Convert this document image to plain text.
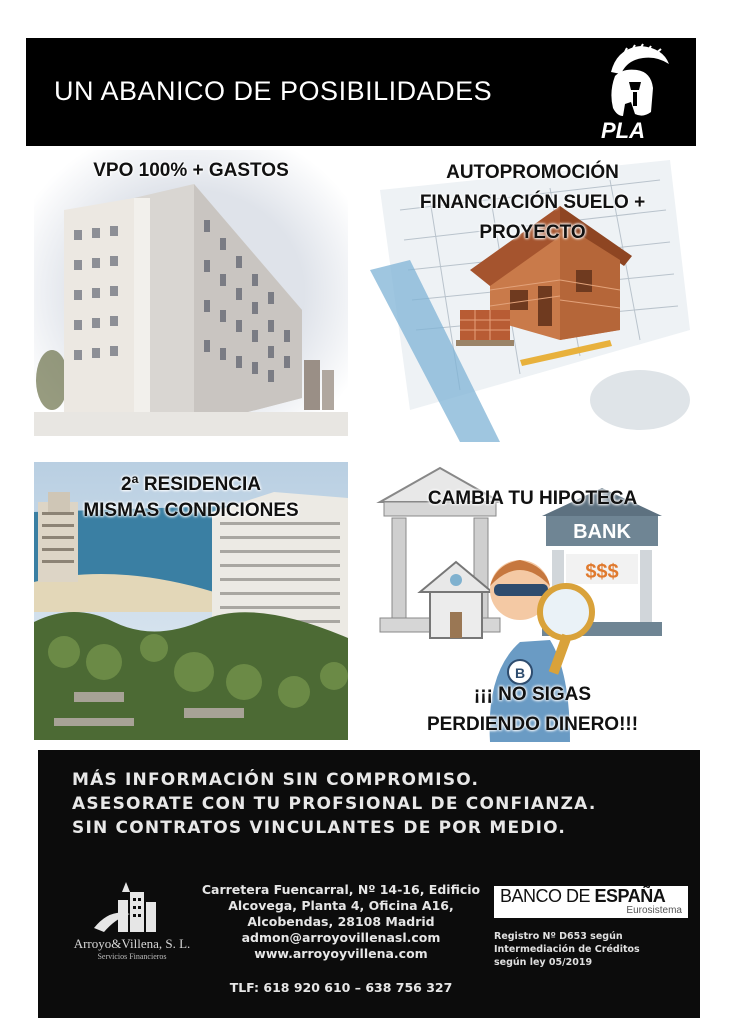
UN ABANICO DE POSIBILIDADES
PLA
VPO 100% + GASTOS	AUTOPROMOCIÓN
FINANCIACIÓN SUELO +
PROYECTO
2ª RESIDENCIA
MISMAS CONDICIONES
BANK
$$$
B
CAMBIA TU HIPOTECA
¡¡¡ NO SIGAS
PERDIENDO DINERO!!!
MÁS INFORMACIÓN SIN COMPROMISO.
ASESORATE CON TU PROFSIONAL DE CONFIANZA.
SIN CONTRATOS VINCULANTES DE POR MEDIO.
Arroyo&Villena, S. L.
Servicios Financieros
Carretera Fuencarral, Nº 14-16, Edificio
Alcovega, Planta 4, Oficina A16,
Alcobendas, 28108 Madrid
admon@arroyovillenasl.com
www.arroyoyvillena.com
TLF: 618 920 610 – 638 756 327
BANCO DE ESPAÑA
Eurosistema
Registro Nº D653 según
Intermediación de Créditos
según ley 05/2019
